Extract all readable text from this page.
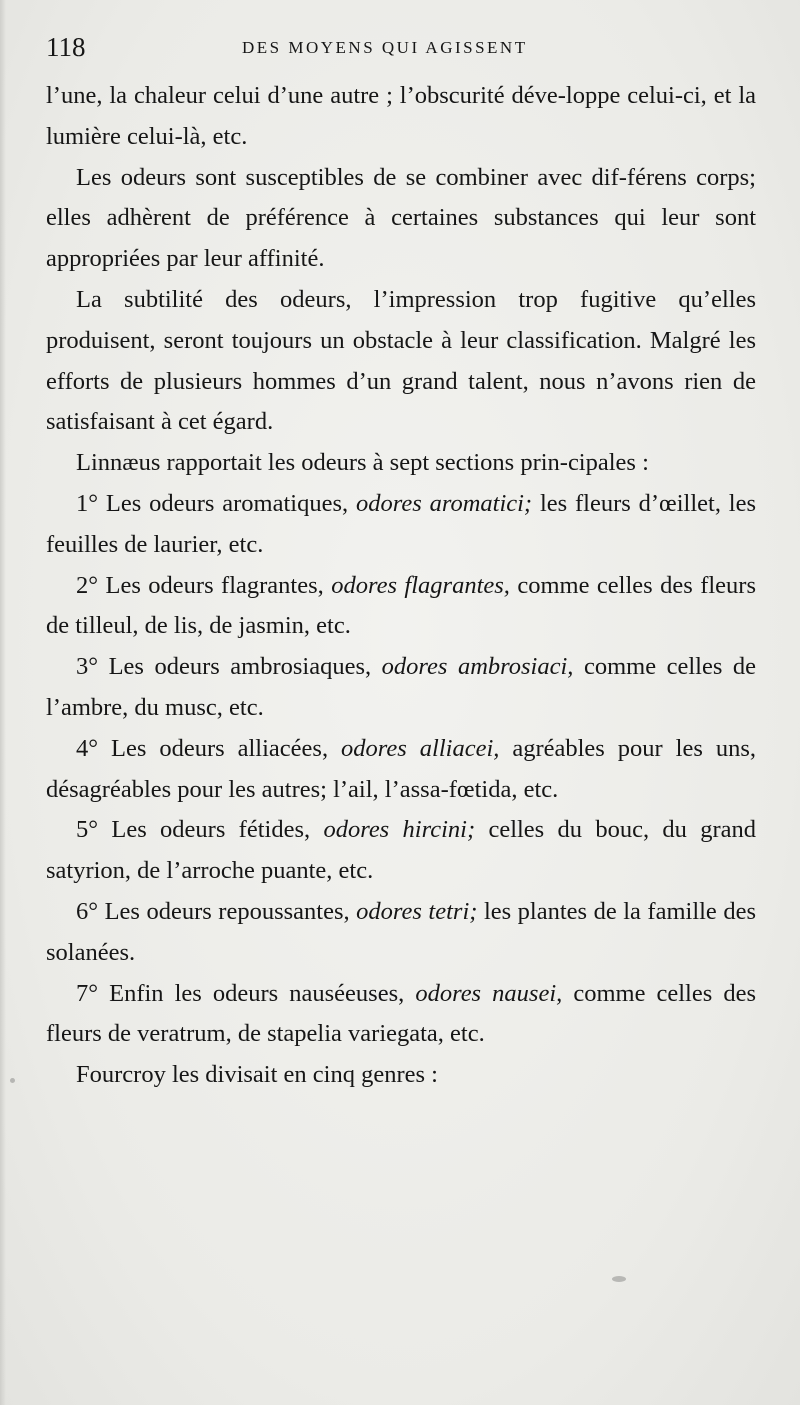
118	DES MOYENS QUI AGISSENT

l’une, la chaleur celui d’une autre ; l’obscurité déve-loppe celui-ci, et la lumière celui-là, etc.

Les odeurs sont susceptibles de se combiner avec dif-férens corps; elles adhèrent de préférence à certaines substances qui leur sont appropriées par leur affinité.

La subtilité des odeurs, l’impression trop fugitive qu’elles produisent, seront toujours un obstacle à leur classification. Malgré les efforts de plusieurs hommes d’un grand talent, nous n’avons rien de satisfaisant à cet égard.

Linnæus rapportait les odeurs à sept sections prin-cipales :

1° Les odeurs aromatiques, odores aromatici; les fleurs d’œillet, les feuilles de laurier, etc.

2° Les odeurs flagrantes, odores flagrantes, comme celles des fleurs de tilleul, de lis, de jasmin, etc.

3° Les odeurs ambrosiaques, odores ambrosiaci, comme celles de l’ambre, du musc, etc.

4° Les odeurs alliacées, odores alliacei, agréables pour les uns, désagréables pour les autres; l’ail, l’assa-fœtida, etc.

5° Les odeurs fétides, odores hircini; celles du bouc, du grand satyrion, de l’arroche puante, etc.

6° Les odeurs repoussantes, odores tetri; les plantes de la famille des solanées.

7° Enfin les odeurs nauséeuses, odores nausei, comme celles des fleurs de veratrum, de stapelia variegata, etc.

Fourcroy les divisait en cinq genres :
